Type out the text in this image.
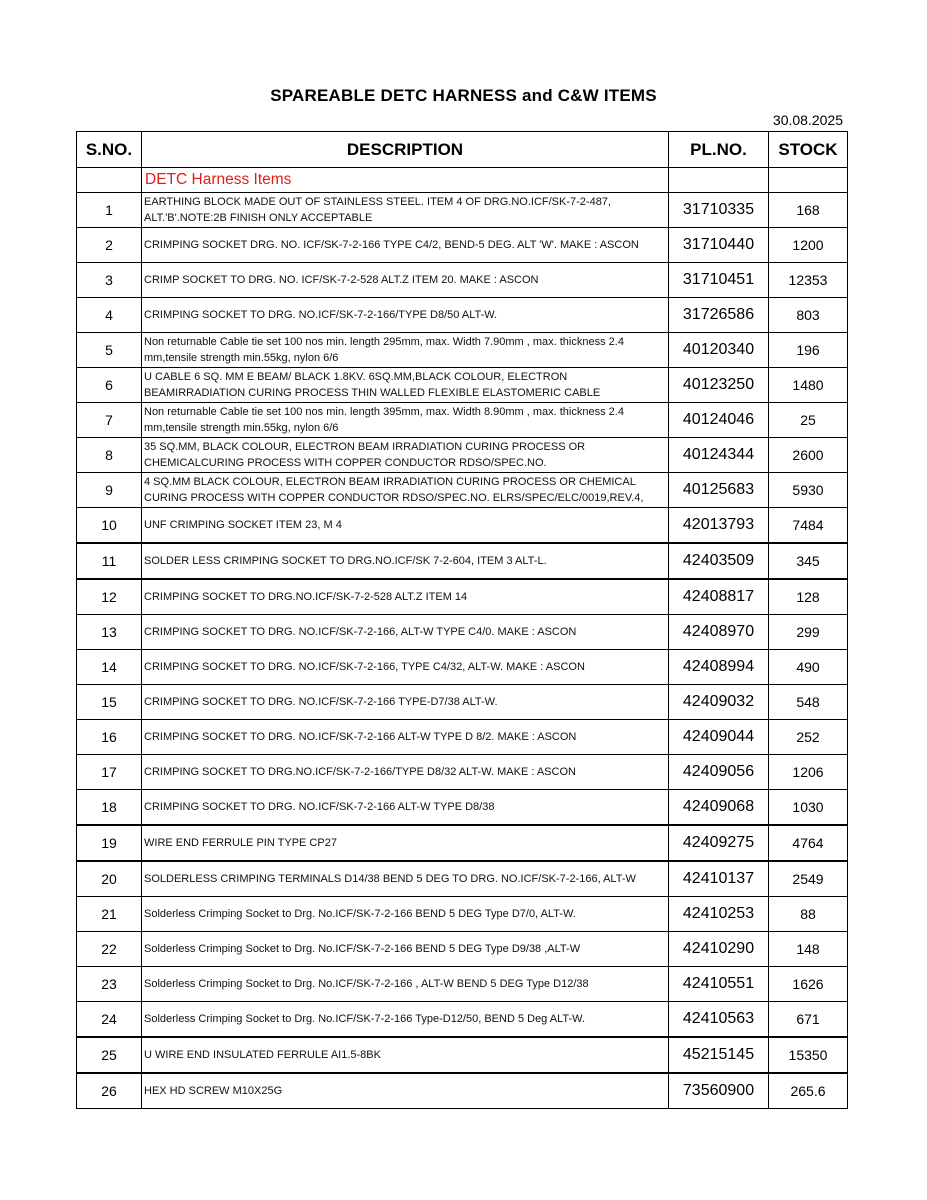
SPAREABLE DETC HARNESS and C&W ITEMS
30.08.2025
S.NO.	DESCRIPTION	PL.NO.	STOCK
	DETC Harness Items		
1	EARTHING BLOCK MADE OUT OF STAINLESS STEEL. ITEM 4 OF DRG.NO.ICF/SK-7-2-487, ALT.'B'.NOTE:2B FINISH ONLY ACCEPTABLE	31710335	168
2	CRIMPING SOCKET DRG. NO. ICF/SK-7-2-166 TYPE C4/2, BEND-5 DEG. ALT 'W'. MAKE : ASCON	31710440	1200
3	CRIMP SOCKET TO DRG. NO. ICF/SK-7-2-528 ALT.Z ITEM 20. MAKE : ASCON	31710451	12353
4	CRIMPING SOCKET TO DRG. NO.ICF/SK-7-2-166/TYPE D8/50 ALT-W.	31726586	803
5	Non returnable Cable tie set 100 nos min. length 295mm, max. Width 7.90mm , max. thickness 2.4 mm,tensile strength min.55kg, nylon 6/6	40120340	196
6	U CABLE 6 SQ. MM E BEAM/ BLACK 1.8KV. 6SQ.MM,BLACK COLOUR, ELECTRON BEAMIRRADIATION CURING PROCESS THIN WALLED FLEXIBLE ELASTOMERIC CABLE	40123250	1480
7	Non returnable Cable tie set 100 nos min. length 395mm, max. Width 8.90mm , max. thickness 2.4 mm,tensile strength min.55kg, nylon 6/6	40124046	25
8	35 SQ.MM, BLACK COLOUR, ELECTRON BEAM IRRADIATION CURING PROCESS OR CHEMICALCURING PROCESS WITH COPPER CONDUCTOR RDSO/SPEC.NO.	40124344	2600
9	4 SQ.MM BLACK COLOUR, ELECTRON BEAM IRRADIATION CURING PROCESS OR CHEMICAL CURING PROCESS WITH COPPER CONDUCTOR RDSO/SPEC.NO. ELRS/SPEC/ELC/0019,REV.4,	40125683	5930
10	UNF CRIMPING SOCKET ITEM 23, M 4	42013793	7484
11	SOLDER LESS CRIMPING SOCKET TO DRG.NO.ICF/SK 7-2-604, ITEM 3 ALT-L.	42403509	345
12	CRIMPING SOCKET TO DRG.NO.ICF/SK-7-2-528 ALT.Z ITEM 14	42408817	128
13	CRIMPING SOCKET TO DRG. NO.ICF/SK-7-2-166, ALT-W TYPE C4/0. MAKE : ASCON	42408970	299
14	CRIMPING SOCKET TO DRG. NO.ICF/SK-7-2-166, TYPE C4/32, ALT-W. MAKE : ASCON	42408994	490
15	CRIMPING SOCKET TO DRG. NO.ICF/SK-7-2-166 TYPE-D7/38 ALT-W.	42409032	548
16	CRIMPING SOCKET TO DRG. NO.ICF/SK-7-2-166 ALT-W TYPE D 8/2. MAKE : ASCON	42409044	252
17	CRIMPING SOCKET TO DRG.NO.ICF/SK-7-2-166/TYPE D8/32 ALT-W. MAKE : ASCON	42409056	1206
18	CRIMPING SOCKET TO DRG. NO.ICF/SK-7-2-166 ALT-W TYPE D8/38	42409068	1030
19	WIRE END FERRULE PIN TYPE CP27	42409275	4764
20	SOLDERLESS CRIMPING TERMINALS D14/38 BEND 5 DEG TO DRG. NO.ICF/SK-7-2-166, ALT-W	42410137	2549
21	Solderless Crimping Socket to Drg. No.ICF/SK-7-2-166 BEND 5 DEG Type D7/0, ALT-W.	42410253	88
22	Solderless Crimping Socket to Drg. No.ICF/SK-7-2-166 BEND 5 DEG Type D9/38 ,ALT-W	42410290	148
23	Solderless Crimping Socket to Drg. No.ICF/SK-7-2-166 , ALT-W BEND 5 DEG Type D12/38	42410551	1626
24	Solderless Crimping Socket to Drg. No.ICF/SK-7-2-166 Type-D12/50, BEND 5 Deg ALT-W.	42410563	671
25	U WIRE END INSULATED FERRULE AI1.5-8BK	45215145	15350
26	HEX HD SCREW M10X25G	73560900	265.6
